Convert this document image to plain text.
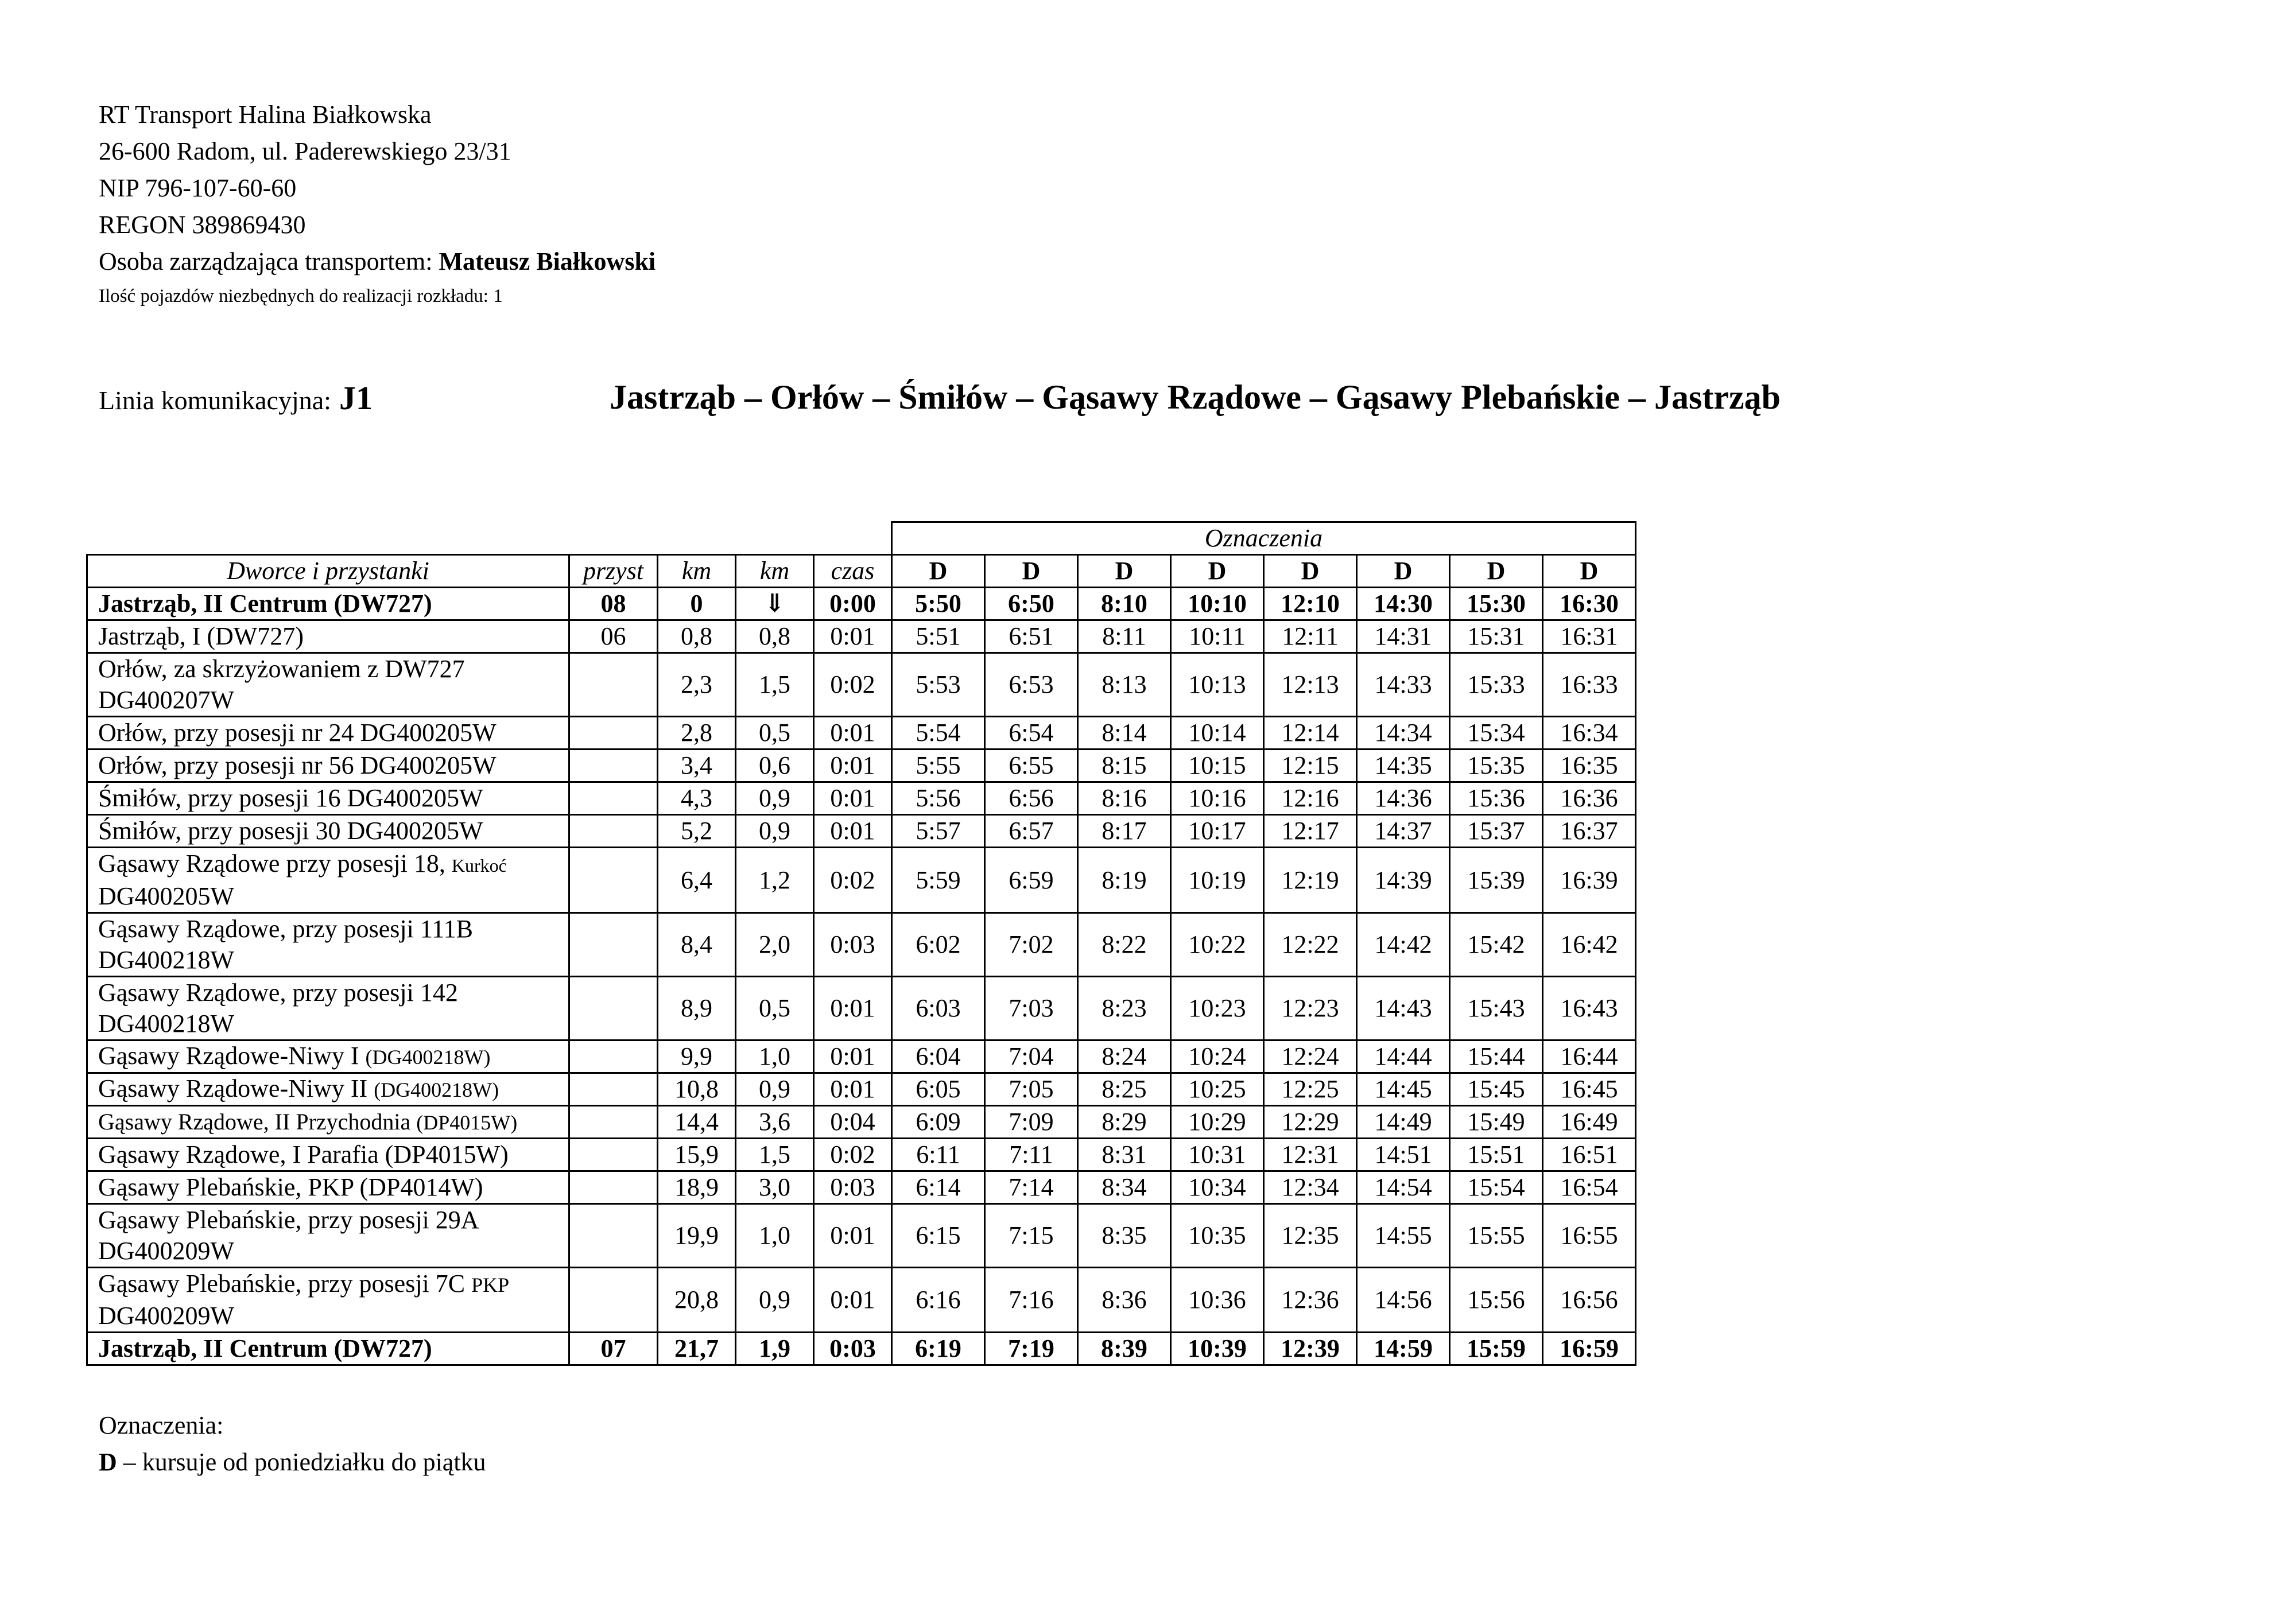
RT Transport Halina Białkowska
26-600 Radom, ul. Paderewskiego 23/31
NIP 796-107-60-60
REGON 389869430
Osoba zarządzająca transportem: Mateusz Białkowski
Ilość pojazdów niezbędnych do realizacji rozkładu: 1
Linia komunikacyjna: J1	Jastrząb – Orłów – Śmiłów – Gąsawy Rządowe – Gąsawy Plebańskie – Jastrząb
					Oznaczenia							
Dworce i przystanki	przyst	km	km	czas	D	D	D	D	D	D	D	D
Jastrząb, II Centrum (DW727)	08	0	⇓	0:00	5:50	6:50	8:10	10:10	12:10	14:30	15:30	16:30
Jastrząb, I (DW727)	06	0,8	0,8	0:01	5:51	6:51	8:11	10:11	12:11	14:31	15:31	16:31
Orłów, za skrzyżowaniem z DW727
DG400207W		2,3	1,5	0:02	5:53	6:53	8:13	10:13	12:13	14:33	15:33	16:33
Orłów, przy posesji nr 24 DG400205W		2,8	0,5	0:01	5:54	6:54	8:14	10:14	12:14	14:34	15:34	16:34
Orłów, przy posesji nr 56 DG400205W		3,4	0,6	0:01	5:55	6:55	8:15	10:15	12:15	14:35	15:35	16:35
Śmiłów, przy posesji 16 DG400205W		4,3	0,9	0:01	5:56	6:56	8:16	10:16	12:16	14:36	15:36	16:36
Śmiłów, przy posesji 30 DG400205W		5,2	0,9	0:01	5:57	6:57	8:17	10:17	12:17	14:37	15:37	16:37
Gąsawy Rządowe przy posesji 18, Kurkoć
DG400205W		6,4	1,2	0:02	5:59	6:59	8:19	10:19	12:19	14:39	15:39	16:39
Gąsawy Rządowe, przy posesji 111B
DG400218W		8,4	2,0	0:03	6:02	7:02	8:22	10:22	12:22	14:42	15:42	16:42
Gąsawy Rządowe, przy posesji 142
DG400218W		8,9	0,5	0:01	6:03	7:03	8:23	10:23	12:23	14:43	15:43	16:43
Gąsawy Rządowe-Niwy I (DG400218W)		9,9	1,0	0:01	6:04	7:04	8:24	10:24	12:24	14:44	15:44	16:44
Gąsawy Rządowe-Niwy II (DG400218W)		10,8	0,9	0:01	6:05	7:05	8:25	10:25	12:25	14:45	15:45	16:45
Gąsawy Rządowe, II Przychodnia (DP4015W)		14,4	3,6	0:04	6:09	7:09	8:29	10:29	12:29	14:49	15:49	16:49
Gąsawy Rządowe, I Parafia (DP4015W)		15,9	1,5	0:02	6:11	7:11	8:31	10:31	12:31	14:51	15:51	16:51
Gąsawy Plebańskie, PKP (DP4014W)		18,9	3,0	0:03	6:14	7:14	8:34	10:34	12:34	14:54	15:54	16:54
Gąsawy Plebańskie, przy posesji 29A
DG400209W		19,9	1,0	0:01	6:15	7:15	8:35	10:35	12:35	14:55	15:55	16:55
Gąsawy Plebańskie, przy posesji 7C PKP
DG400209W		20,8	0,9	0:01	6:16	7:16	8:36	10:36	12:36	14:56	15:56	16:56
Jastrząb, II Centrum (DW727)	07	21,7	1,9	0:03	6:19	7:19	8:39	10:39	12:39	14:59	15:59	16:59
Oznaczenia:
D – kursuje od poniedziałku do piątku
